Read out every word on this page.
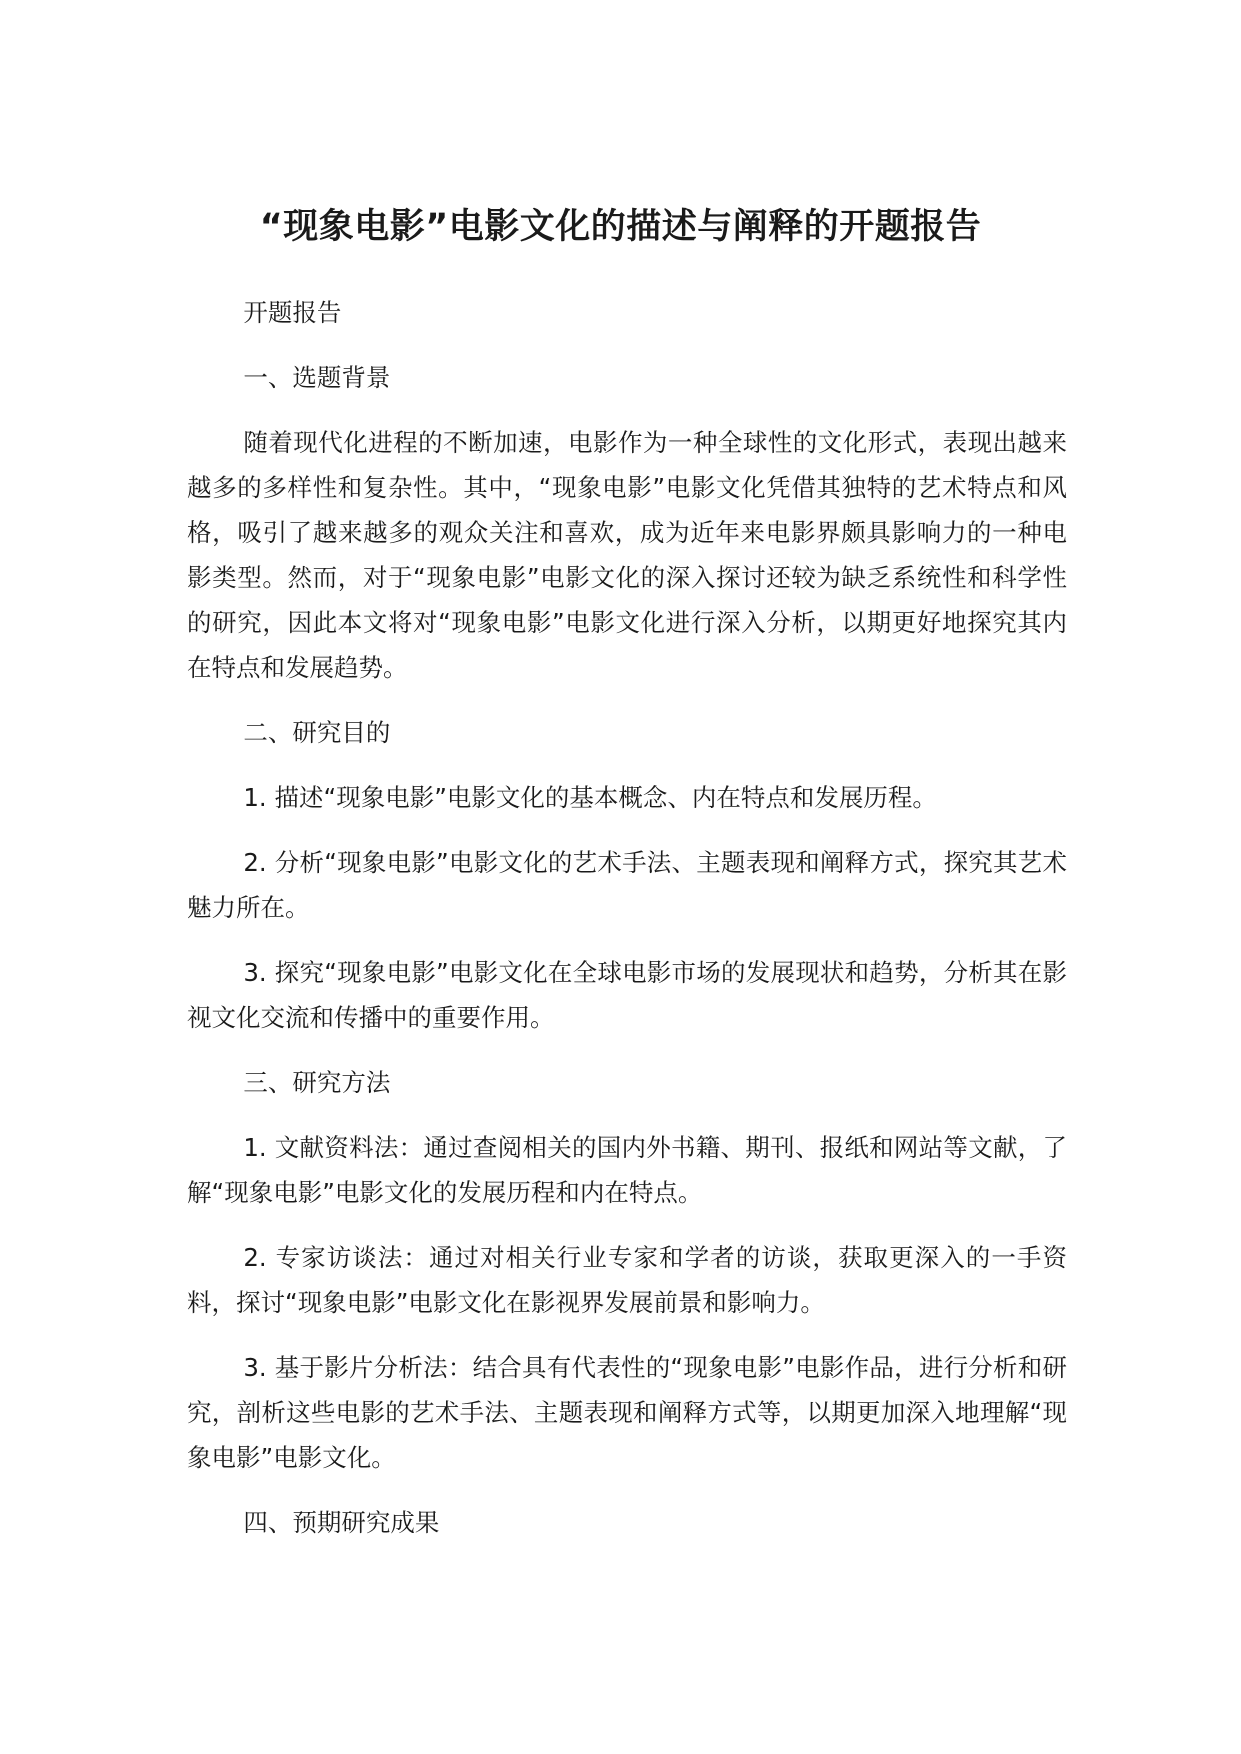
“现象电影”电影文化的描述与阐释的开题报告

开题报告

一、选题背景

随着现代化进程的不断加速，电影作为一种全球性的文化形式，表现出越来越多的多样性和复杂性。其中，“现象电影”电影文化凭借其独特的艺术特点和风格，吸引了越来越多的观众关注和喜欢，成为近年来电影界颇具影响力的一种电影类型。然而，对于“现象电影”电影文化的深入探讨还较为缺乏系统性和科学性的研究，因此本文将对“现象电影”电影文化进行深入分析，以期更好地探究其内在特点和发展趋势。

二、研究目的

1. 描述“现象电影”电影文化的基本概念、内在特点和发展历程。

2. 分析“现象电影”电影文化的艺术手法、主题表现和阐释方式，探究其艺术魅力所在。

3. 探究“现象电影”电影文化在全球电影市场的发展现状和趋势，分析其在影视文化交流和传播中的重要作用。

三、研究方法

1. 文献资料法：通过查阅相关的国内外书籍、期刊、报纸和网站等文献，了解“现象电影”电影文化的发展历程和内在特点。

2. 专家访谈法：通过对相关行业专家和学者的访谈，获取更深入的一手资料，探讨“现象电影”电影文化在影视界发展前景和影响力。

3. 基于影片分析法：结合具有代表性的“现象电影”电影作品，进行分析和研究，剖析这些电影的艺术手法、主题表现和阐释方式等，以期更加深入地理解“现象电影”电影文化。

四、预期研究成果
